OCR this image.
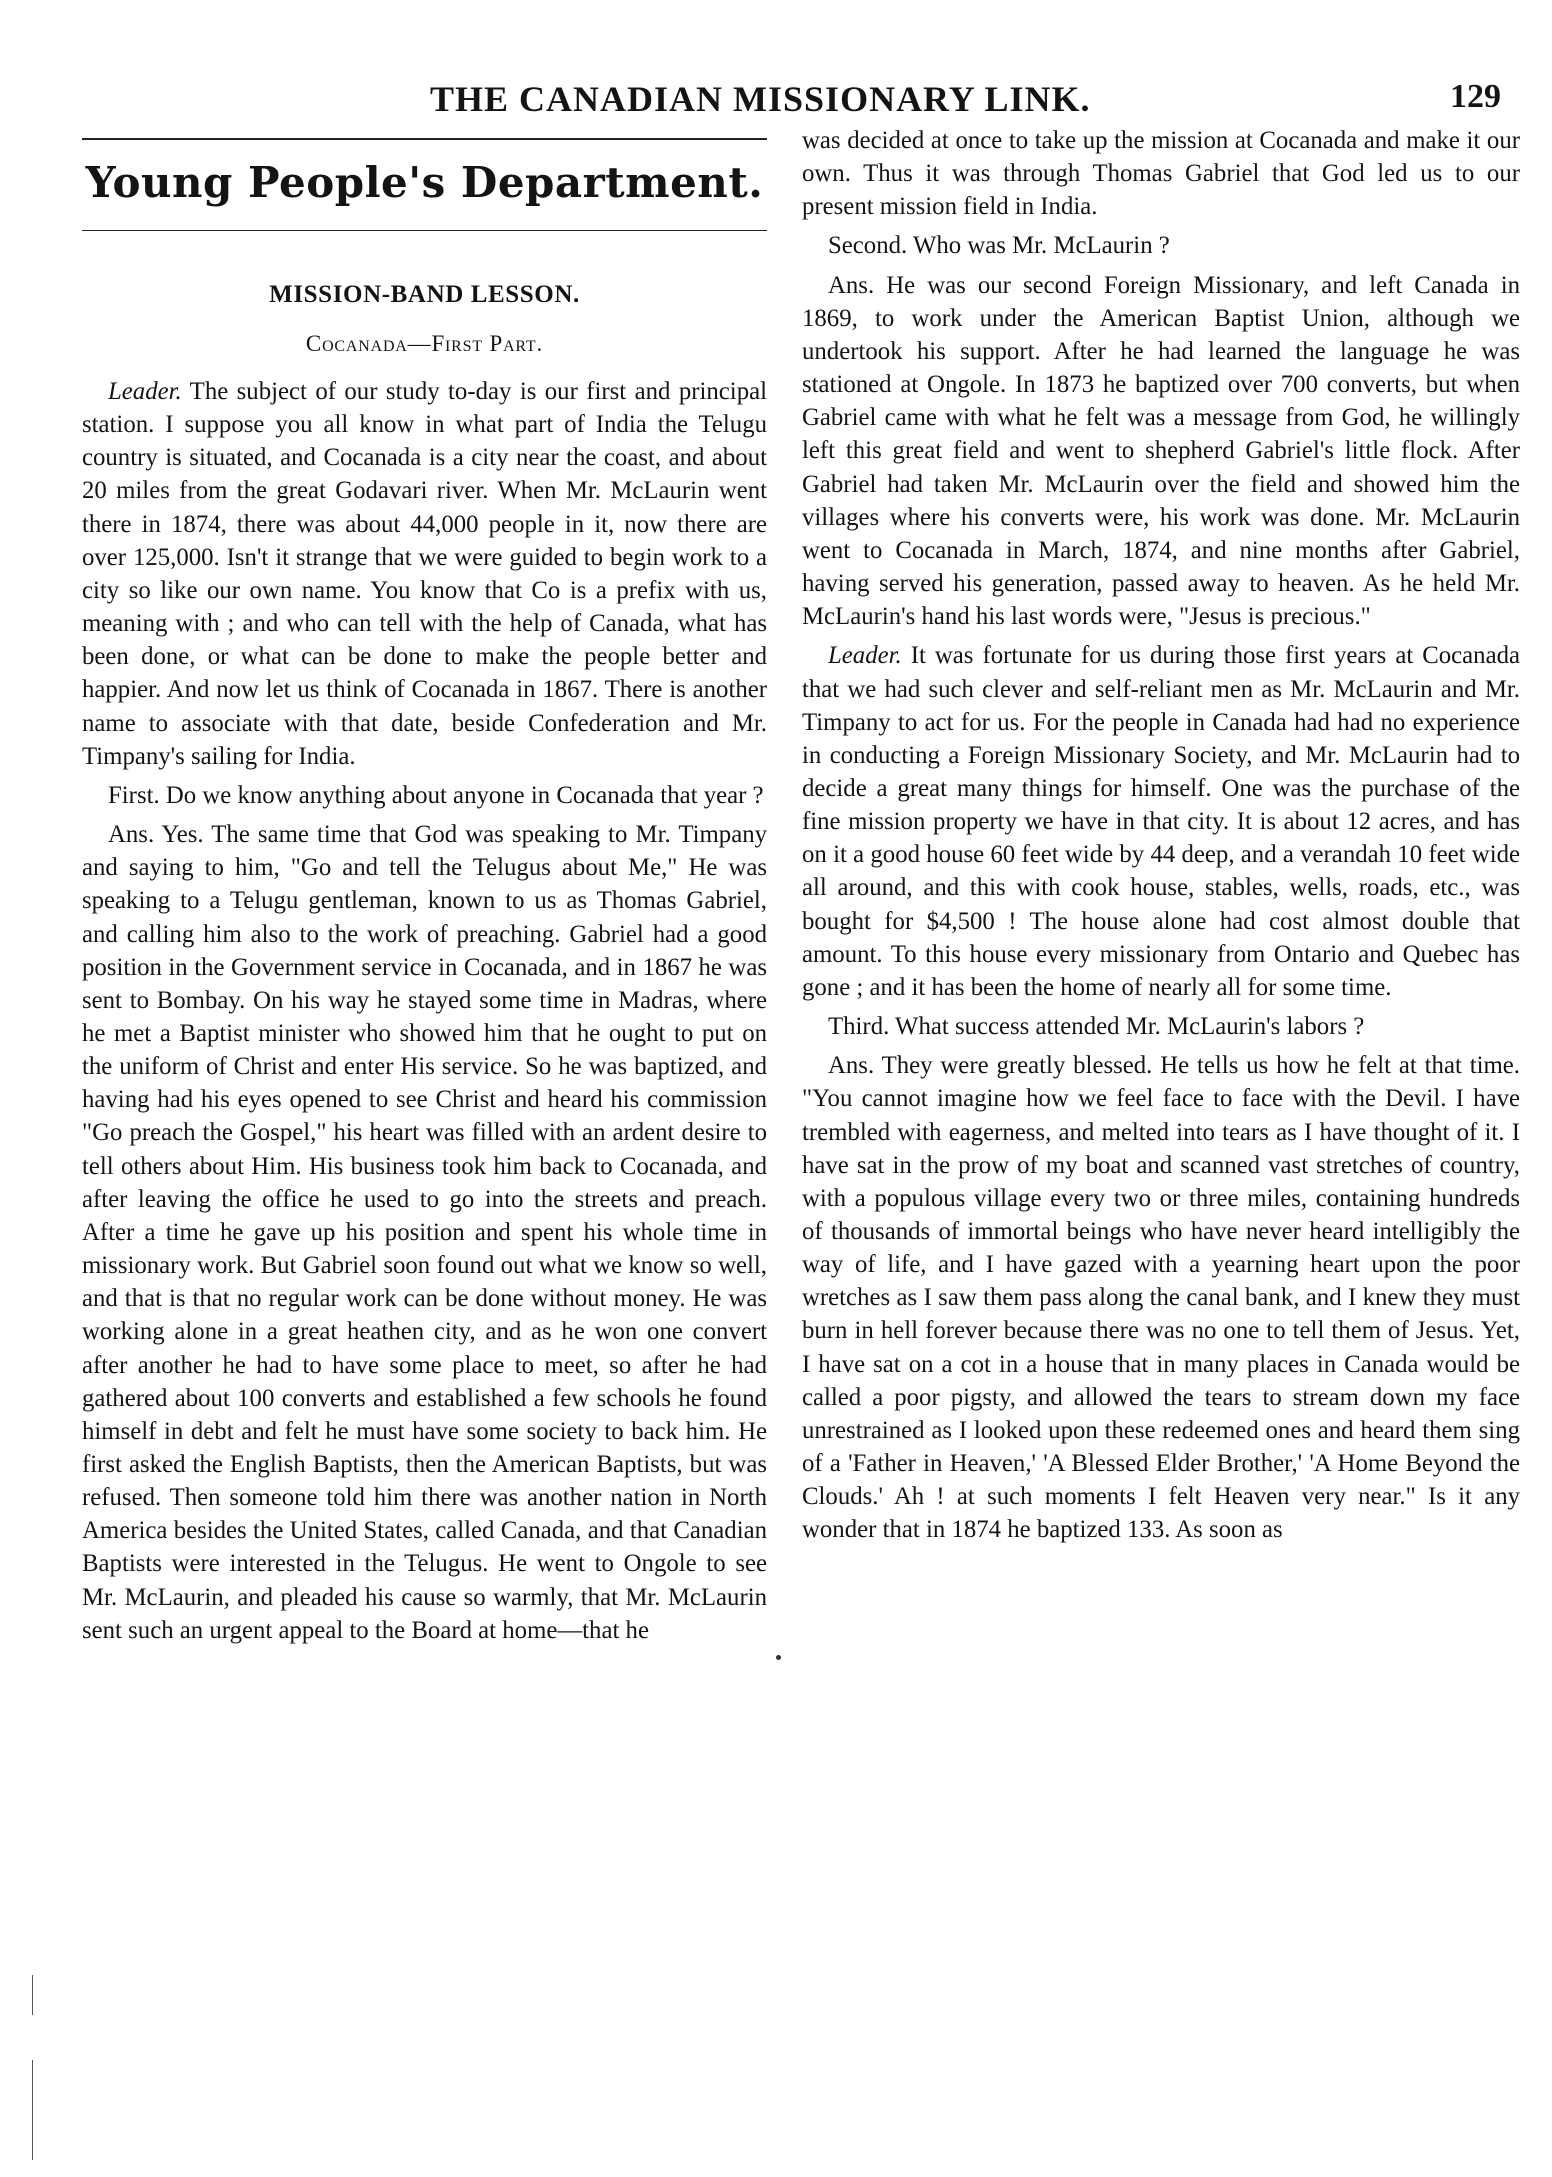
THE CANADIAN MISSIONARY LINK.	129
Young People's Department.
MISSION-BAND LESSON.
Cocanada—First Part.

Leader. The subject of our study to-day is our first and principal station. I suppose you all know in what part of India the Telugu country is situated, and Cocanada is a city near the coast, and about 20 miles from the great Godavari river. When Mr. McLaurin went there in 1874, there was about 44,000 people in it, now there are over 125,000. Isn't it strange that we were guided to begin work to a city so like our own name. You know that Co is a prefix with us, meaning with ; and who can tell with the help of Canada, what has been done, or what can be done to make the people better and happier. And now let us think of Cocanada in 1867. There is another name to associate with that date, beside Confederation and Mr. Timpany's sailing for India.

First. Do we know anything about anyone in Cocanada that year ?

Ans. Yes. The same time that God was speaking to Mr. Timpany and saying to him, "Go and tell the Telugus about Me," He was speaking to a Telugu gentleman, known to us as Thomas Gabriel, and calling him also to the work of preaching. Gabriel had a good position in the Government service in Cocanada, and in 1867 he was sent to Bombay. On his way he stayed some time in Madras, where he met a Baptist minister who showed him that he ought to put on the uniform of Christ and enter His service. So he was baptized, and having had his eyes opened to see Christ and heard his commission "Go preach the Gospel," his heart was filled with an ardent desire to tell others about Him. His business took him back to Cocanada, and after leaving the office he used to go into the streets and preach. After a time he gave up his position and spent his whole time in missionary work. But Gabriel soon found out what we know so well, and that is that no regular work can be done without money. He was working alone in a great heathen city, and as he won one convert after another he had to have some place to meet, so after he had gathered about 100 converts and established a few schools he found himself in debt and felt he must have some society to back him. He first asked the English Baptists, then the American Baptists, but was refused. Then someone told him there was another nation in North America besides the United States, called Canada, and that Canadian Baptists were interested in the Telugus. He went to Ongole to see Mr. McLaurin, and pleaded his cause so warmly, that Mr. McLaurin sent such an urgent appeal to the Board at home—that he

was decided at once to take up the mission at Cocanada and make it our own. Thus it was through Thomas Gabriel that God led us to our present mission field in India.

Second. Who was Mr. McLaurin ?

Ans. He was our second Foreign Missionary, and left Canada in 1869, to work under the American Baptist Union, although we undertook his support. After he had learned the language he was stationed at Ongole. In 1873 he baptized over 700 converts, but when Gabriel came with what he felt was a message from God, he willingly left this great field and went to shepherd Gabriel's little flock. After Gabriel had taken Mr. McLaurin over the field and showed him the villages where his converts were, his work was done. Mr. McLaurin went to Cocanada in March, 1874, and nine months after Gabriel, having served his generation, passed away to heaven. As he held Mr. McLaurin's hand his last words were, "Jesus is precious."

Leader. It was fortunate for us during those first years at Cocanada that we had such clever and self-reliant men as Mr. McLaurin and Mr. Timpany to act for us. For the people in Canada had had no experience in conducting a Foreign Missionary Society, and Mr. McLaurin had to decide a great many things for himself. One was the purchase of the fine mission property we have in that city. It is about 12 acres, and has on it a good house 60 feet wide by 44 deep, and a verandah 10 feet wide all around, and this with cook house, stables, wells, roads, etc., was bought for $4,500 ! The house alone had cost almost double that amount. To this house every missionary from Ontario and Quebec has gone ; and it has been the home of nearly all for some time.

Third. What success attended Mr. McLaurin's labors ?

Ans. They were greatly blessed. He tells us how he felt at that time. "You cannot imagine how we feel face to face with the Devil. I have trembled with eagerness, and melted into tears as I have thought of it. I have sat in the prow of my boat and scanned vast stretches of country, with a populous village every two or three miles, containing hundreds of thousands of immortal beings who have never heard intelligibly the way of life, and I have gazed with a yearning heart upon the poor wretches as I saw them pass along the canal bank, and I knew they must burn in hell forever because there was no one to tell them of Jesus. Yet, I have sat on a cot in a house that in many places in Canada would be called a poor pigsty, and allowed the tears to stream down my face unrestrained as I looked upon these redeemed ones and heard them sing of a 'Father in Heaven,' 'A Blessed Elder Brother,' 'A Home Beyond the Clouds.' Ah ! at such moments I felt Heaven very near." Is it any wonder that in 1874 he baptized 133. As soon as
